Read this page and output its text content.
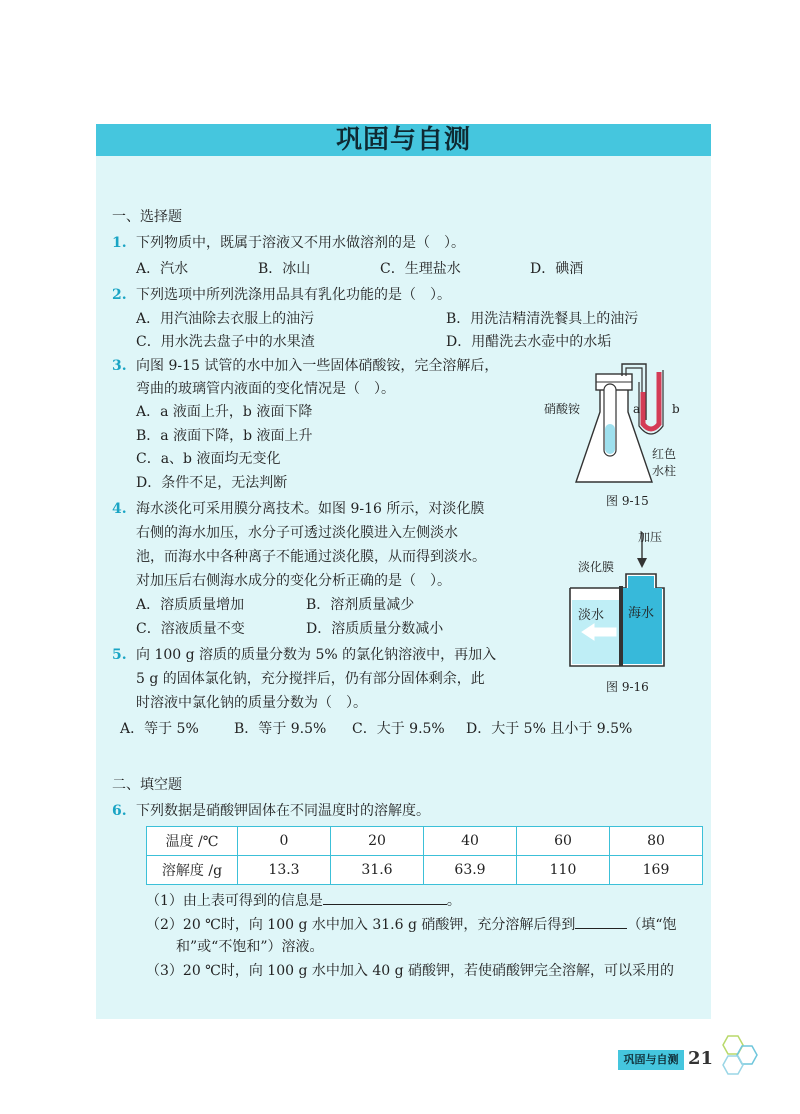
巩固与自测
一、选择题
1. 下列物质中，既属于溶液又不用水做溶剂的是（　）。
A．汽水	B．冰山	C．生理盐水	D．碘酒
2. 下列选项中所列洗涤用品具有乳化功能的是（　）。
A．用汽油除去衣服上的油污	B．用洗洁精清洗餐具上的油污
C．用水洗去盘子中的水果渣	D．用醋洗去水壶中的水垢
3. 向图 9-15 试管的水中加入一些固体硝酸铵，完全溶解后，
弯曲的玻璃管内液面的变化情况是（　）。
A．a 液面上升，b 液面下降
B．a 液面下降，b 液面上升
C．a、b 液面均无变化
D．条件不足，无法判断
硝酸铵	a	b
红色
水柱
图 9-15
4. 海水淡化可采用膜分离技术。如图 9-16 所示，对淡化膜
右侧的海水加压，水分子可透过淡化膜进入左侧淡水
池，而海水中各种离子不能通过淡化膜，从而得到淡水。
对加压后右侧海水成分的变化分析正确的是（　）。
A．溶质质量增加	B．溶剂质量减少
C．溶液质量不变	D．溶质质量分数减小
加压
淡化膜
淡水 海水
图 9-16
5. 向 100 g 溶质的质量分数为 5% 的氯化钠溶液中，再加入
5 g 的固体氯化钠，充分搅拌后，仍有部分固体剩余，此
时溶液中氯化钠的质量分数为（　）。
A．等于 5%	B．等于 9.5% C．大于 9.5% D．大于 5% 且小于 9.5%
二、填空题
6. 下列数据是硝酸钾固体在不同温度时的溶解度。
温度 /℃	0	20	40	60	80
溶解度 /g	13.3	31.6	63.9	110	169
（1）由上表可得到的信息是	。
（2）20 ℃时，向 100 g 水中加入 31.6 g 硝酸钾，充分溶解后得到	（填“饱
和”或“不饱和”）溶液。
（3）20 ℃时，向 100 g 水中加入 40 g 硝酸钾，若使硝酸钾完全溶解，可以采用的
巩固与自测 21
